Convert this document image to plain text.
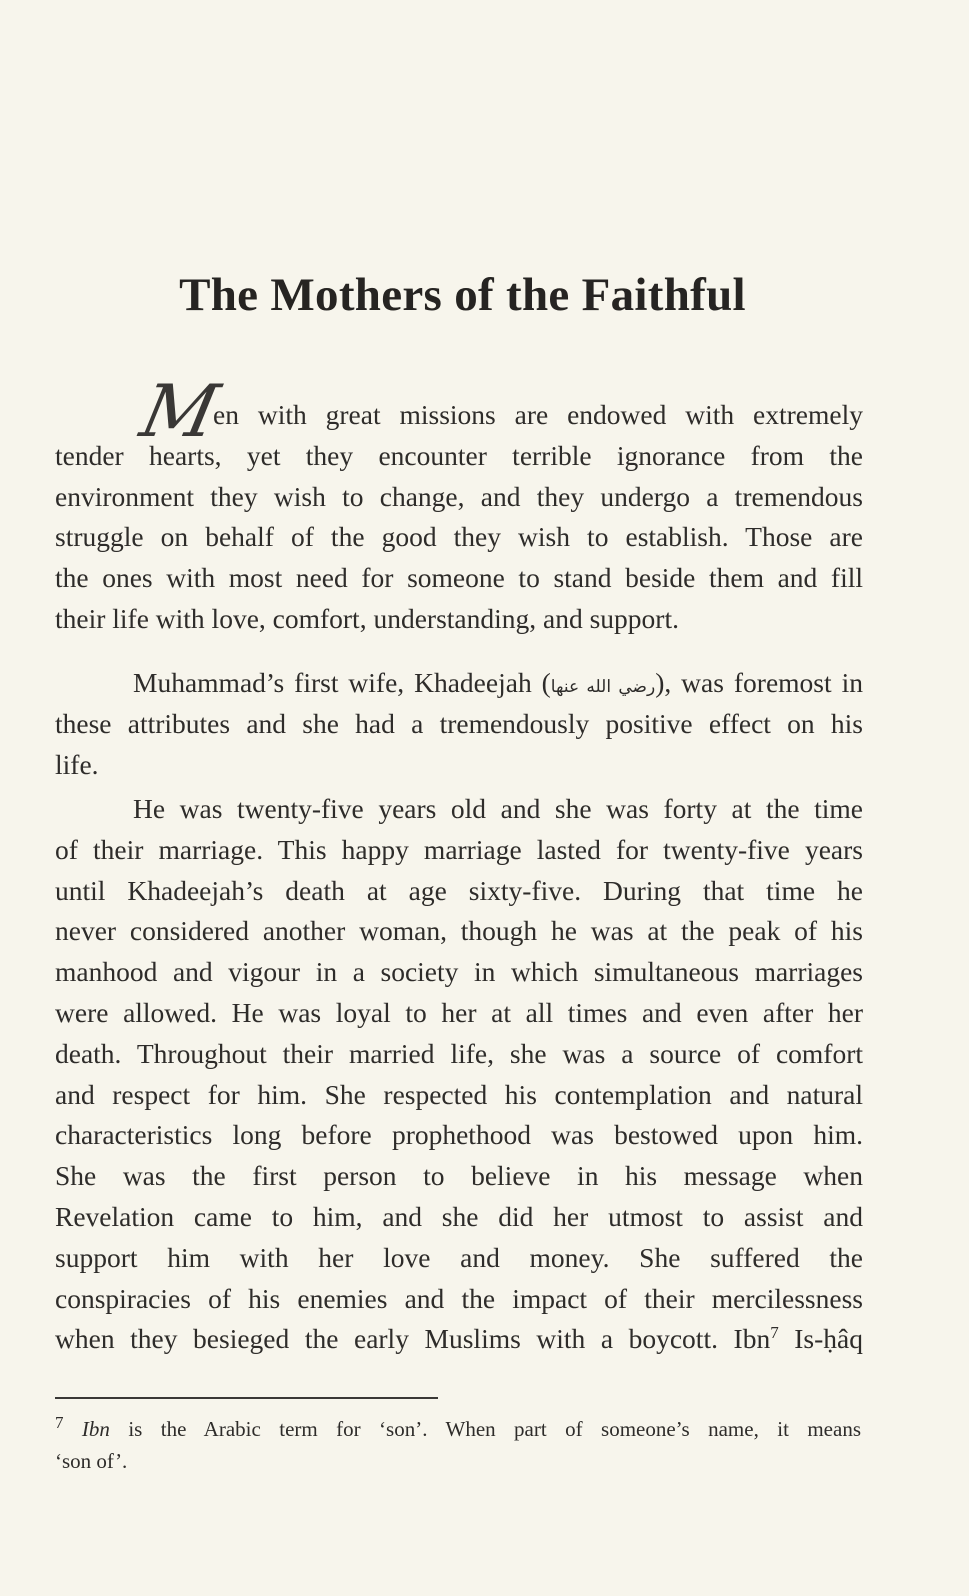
The Mothers of the Faithful
M
en with great missions are endowed with extremely
tender hearts, yet they encounter terrible ignorance from the
environment they wish to change, and they undergo a tremendous
struggle on behalf of the good they wish to establish. Those are
the ones with most need for someone to stand beside them and fill
their life with love, comfort, understanding, and support.
Muhammad’s first wife, Khadeejah (رضي الله عنها), was foremost in
these attributes and she had a tremendously positive effect on his
life.
He was twenty-five years old and she was forty at the time
of their marriage. This happy marriage lasted for twenty-five years
until Khadeejah’s death at age sixty-five. During that time he
never considered another woman, though he was at the peak of his
manhood and vigour in a society in which simultaneous marriages
were allowed. He was loyal to her at all times and even after her
death. Throughout their married life, she was a source of comfort
and respect for him. She respected his contemplation and natural
characteristics long before prophethood was bestowed upon him.
She was the first person to believe in his message when
Revelation came to him, and she did her utmost to assist and
support him with her love and money. She suffered the
conspiracies of his enemies and the impact of their mercilessness
when they besieged the early Muslims with a boycott. Ibn$^7$ Is-ḥâq
$^7$ Ibn is the Arabic term for ‘son’. When part of someone’s name, it means
‘son of’.
